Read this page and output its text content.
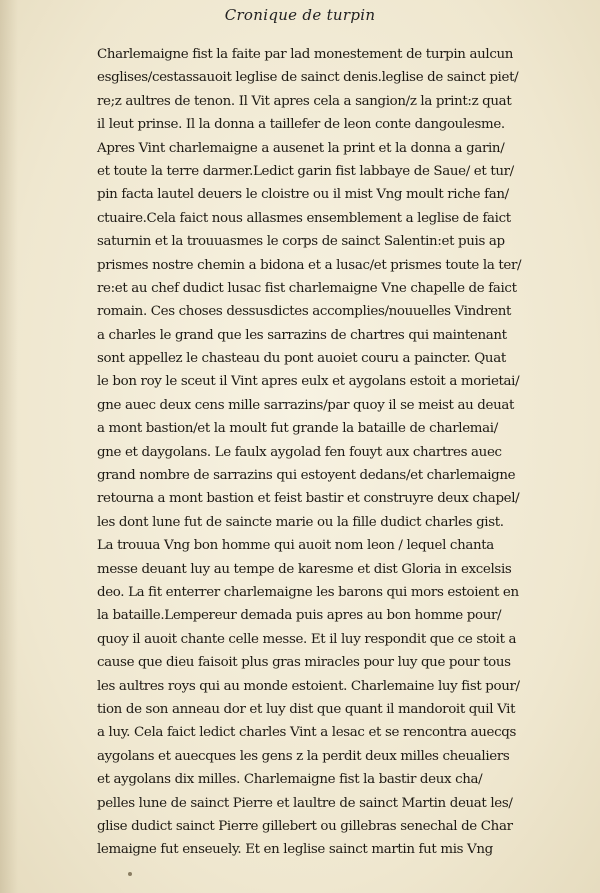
Cronique de turpin
Charlemaigne fist la faite par lad monestement de turpin aulcun
esglises/cestassauoit leglise de sainct denis.leglise de sainct piet/
re;z aultres de tenon. Il Vit apres cela a sangion/z la print:z quat
il leut prinse. Il la donna a taillefer de leon conte dangoulesme.
Apres Vint charlemaigne a ausenet la print et la donna a garin/
et toute la terre darmer.Ledict garin fist labbaye de Saue/ et tur/
pin facta lautel deuers le cloistre ou il mist Vng moult riche fan/
ctuaire.Cela faict nous allasmes ensemblement a leglise de faict
saturnin et la trouuasmes le corps de sainct Salentin:et puis ap
prismes nostre chemin a bidona et a lusac/et prismes toute la ter/
re:et au chef dudict lusac fist charlemaigne Vne chapelle de faict
romain. Ces choses dessusdictes accomplies/nouuelles Vindrent
a charles le grand que les sarrazins de chartres qui maintenant
sont appellez le chasteau du pont auoiet couru a paincter. Quat
le bon roy le sceut il Vint apres eulx et aygolans estoit a morietai/
gne auec deux cens mille sarrazins/par quoy il se meist au deuat
a mont bastion/et la moult fut grande la bataille de charlemai/
gne et daygolans. Le faulx aygolad fen fouyt aux chartres auec
grand nombre de sarrazins qui estoyent dedans/et charlemaigne
retourna a mont bastion et feist bastir et construyre deux chapel/
les dont lune fut de saincte marie ou la fille dudict charles gist.
La trouua Vng bon homme qui auoit nom leon / lequel chanta
messe deuant luy au tempe de karesme et dist Gloria in excelsis
deo. La fit enterrer charlemaigne les barons qui mors estoient en
la bataille.Lempereur demada puis apres au bon homme pour/
quoy il auoit chante celle messe. Et il luy respondit que ce stoit a
cause que dieu faisoit plus gras miracles pour luy que pour tous
les aultres roys qui au monde estoient. Charlemaine luy fist pour/
tion de son anneau dor et luy dist que quant il mandoroit quil Vit
a luy. Cela faict ledict charles Vint a lesac et se rencontra auecqs
aygolans et auecques les gens z la perdit deux milles cheualiers
et aygolans dix milles. Charlemaigne fist la bastir deux cha/
pelles lune de sainct Pierre et laultre de sainct Martin deuat les/
glise dudict sainct Pierre gillebert ou gillebras senechal de Char
lemaigne fut enseuely. Et en leglise sainct martin fut mis Vng
